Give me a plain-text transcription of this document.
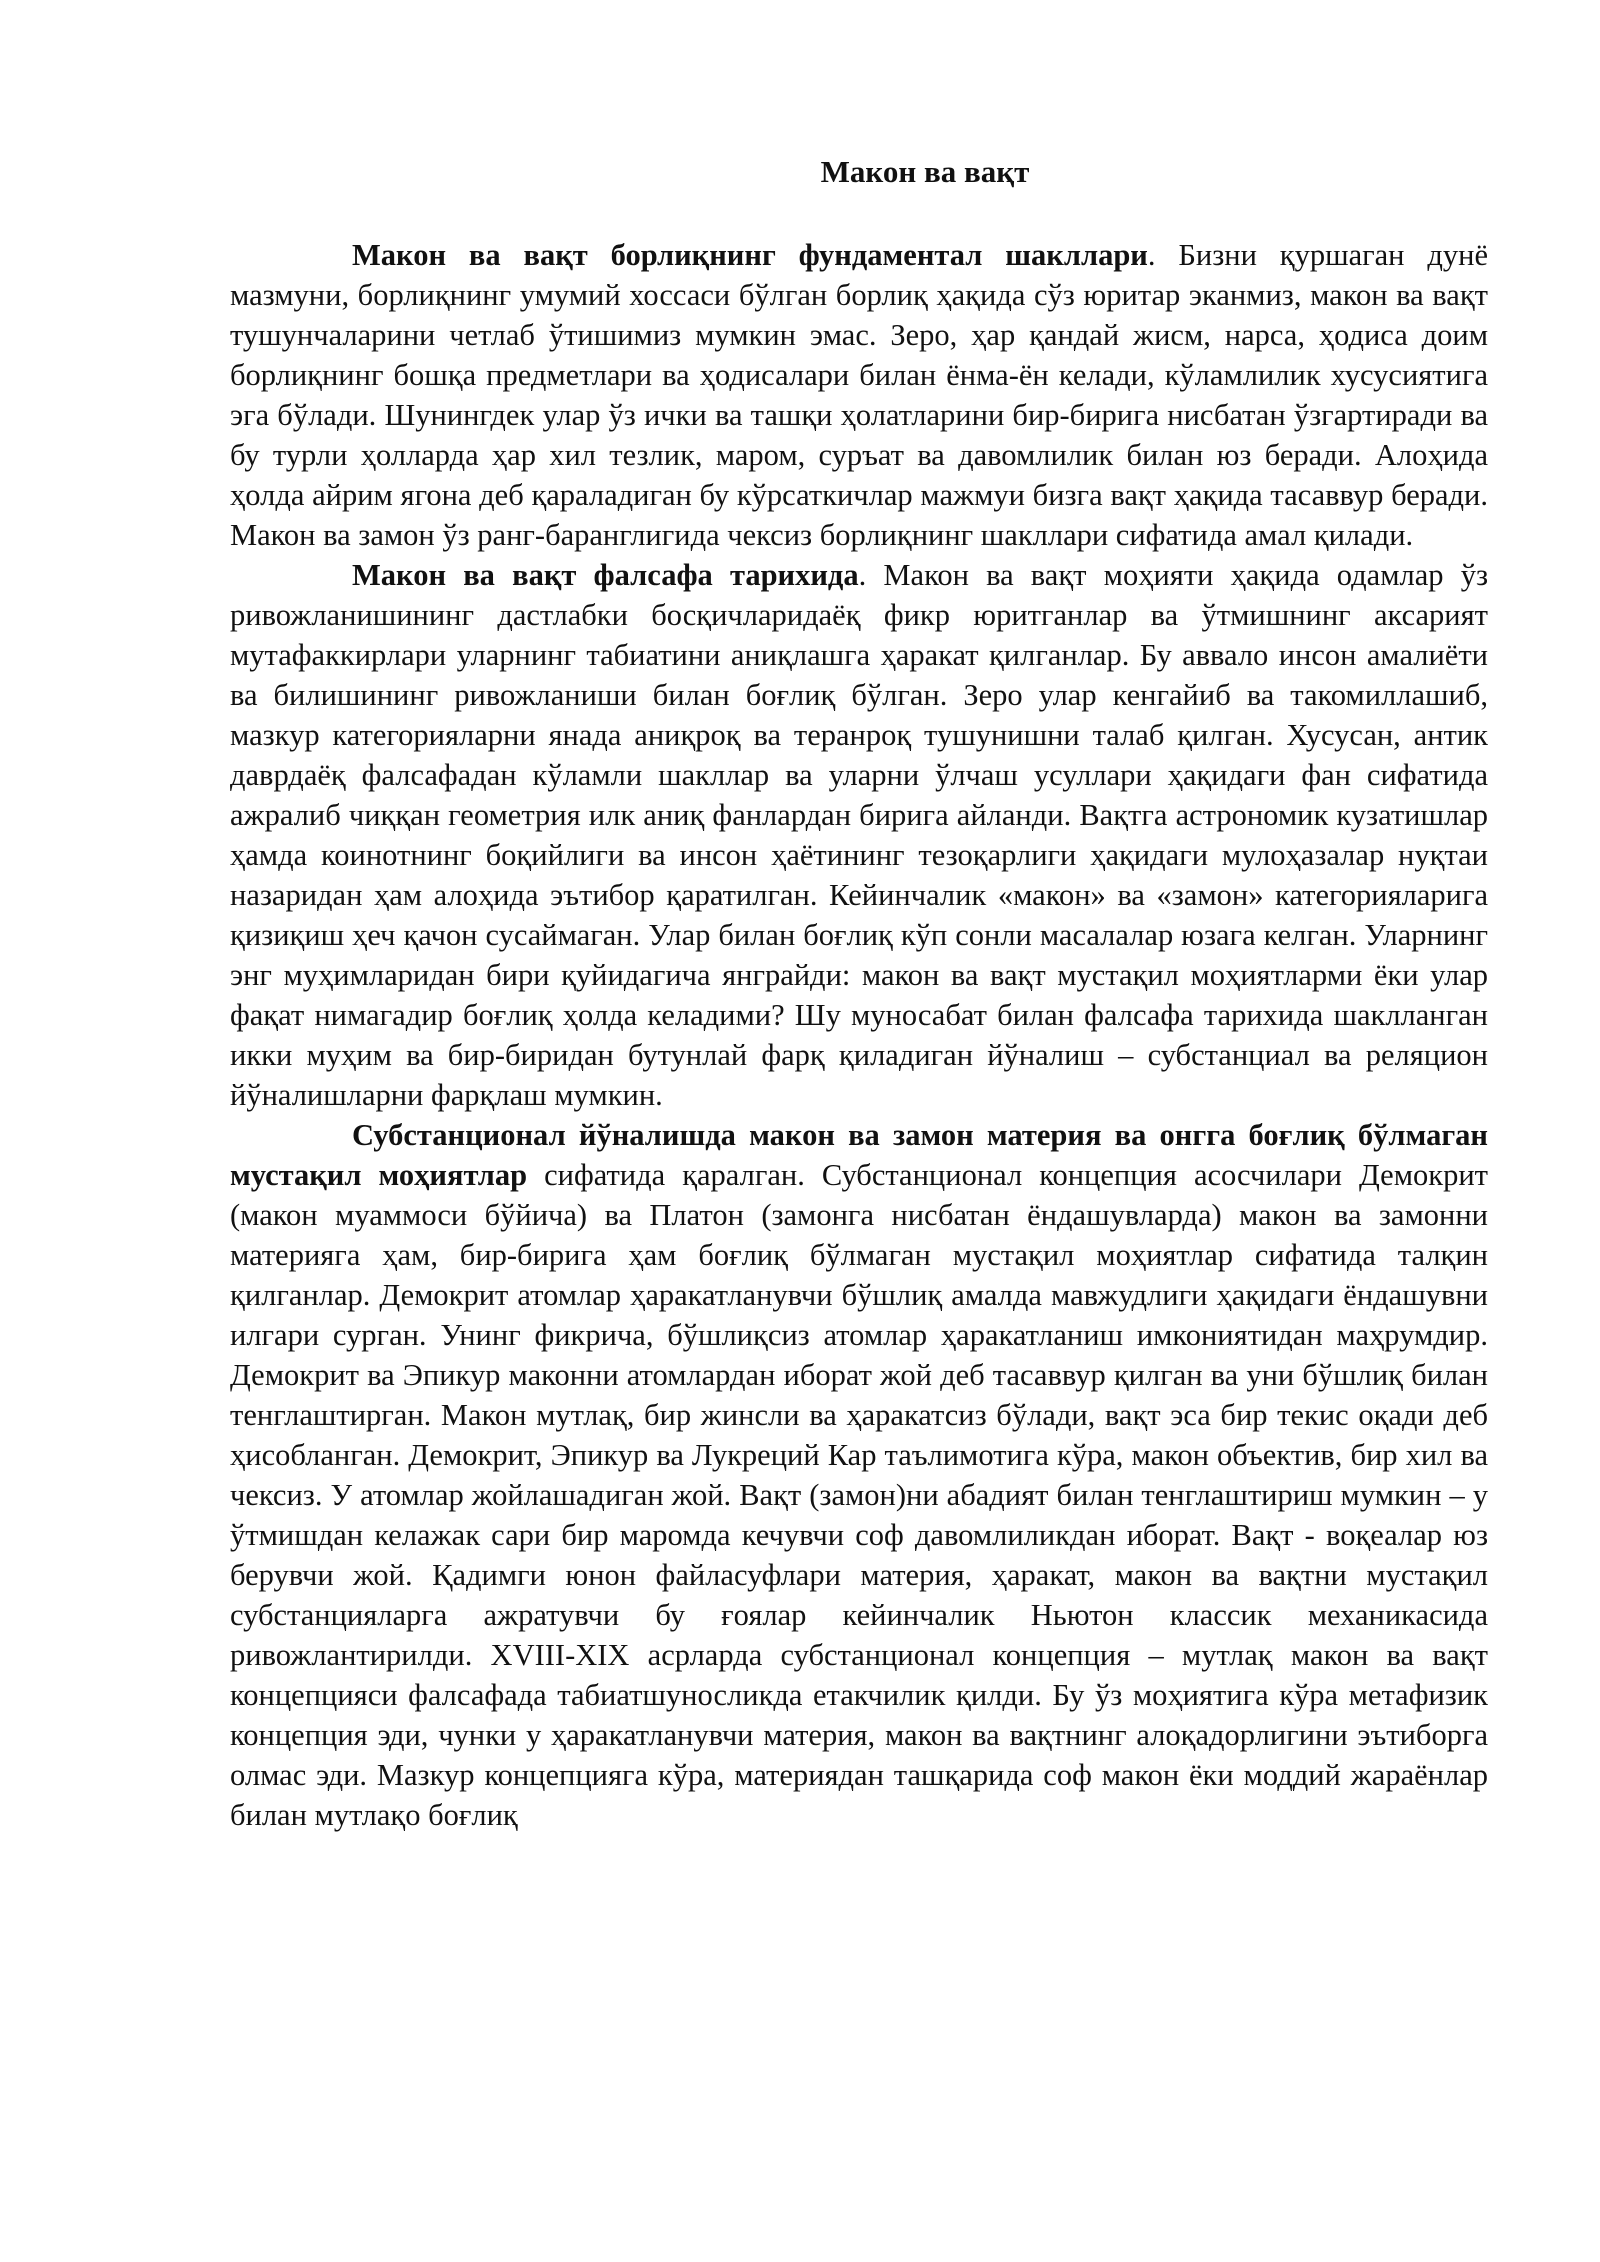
Макон ва вақт

Макон ва вақт борлиқнинг фундаментал шакллари. Бизни қуршаган дунё мазмуни, борлиқнинг умумий хоссаси бўлган борлиқ ҳақида сўз юритар эканмиз, макон ва вақт тушунчаларини четлаб ўтишимиз мумкин эмас. Зеро, ҳар қандай жисм, нарса, ҳодиса доим борлиқнинг бошқа предметлари ва ҳодисалари билан ёнма-ён келади, кўламлилик хусусиятига эга бўлади. Шунингдек улар ўз ички ва ташқи ҳолатларини бир-бирига нисбатан ўзгартиради ва бу турли ҳолларда ҳар хил тезлик, маром, суръат ва давомлилик билан юз беради. Алоҳида ҳолда айрим ягона деб қараладиган бу кўрсаткичлар мажмуи бизга вақт ҳақида тасаввур беради. Макон ва замон ўз ранг-баранглигида чексиз борлиқнинг шакллари сифатида амал қилади.

Макон ва вақт фалсафа тарихида. Макон ва вақт моҳияти ҳақида одамлар ўз ривожланишининг дастлабки босқичларидаёқ фикр юритганлар ва ўтмишнинг аксарият мутафаккирлари уларнинг табиатини аниқлашга ҳаракат қилганлар. Бу аввало инсон амалиёти ва билишининг ривожланиши билан боғлиқ бўлган. Зеро улар кенгайиб ва такомиллашиб, мазкур категорияларни янада аниқроқ ва теранроқ тушунишни талаб қилган. Хусусан, антик даврдаёқ фалсафадан кўламли шакллар ва уларни ўлчаш усуллари ҳақидаги фан сифатида ажралиб чиққан геометрия илк аниқ фанлардан бирига айланди. Вақтга астрономик кузатишлар ҳамда коинотнинг боқийлиги ва инсон ҳаётининг тезоқарлиги ҳақидаги мулоҳазалар нуқтаи назаридан ҳам алоҳида эътибор қаратилган. Кейинчалик «макон» ва «замон» категорияларига қизиқиш ҳеч қачон сусаймаган. Улар билан боғлиқ кўп сонли масалалар юзага келган. Уларнинг энг муҳимларидан бири қуйидагича янграйди: макон ва вақт мустақил моҳиятларми ёки улар фақат нимагадир боғлиқ ҳолда келадими? Шу муносабат билан фалсафа тарихида шаклланган икки муҳим ва бир-биридан бутунлай фарқ қиладиган йўналиш – субстанциал ва реляцион йўналишларни фарқлаш мумкин.

Субстанционал йўналишда макон ва замон материя ва онгга боғлиқ бўлмаган мустақил моҳиятлар сифатида қаралган. Субстанционал концепция асосчилари Демокрит (макон муаммоси бўйича) ва Платон (замонга нисбатан ёндашувларда) макон ва замонни материяга ҳам, бир-бирига ҳам боғлиқ бўлмаган мустақил моҳиятлар сифатида талқин қилганлар. Демокрит атомлар ҳаракатланувчи бўшлиқ амалда мавжудлиги ҳақидаги ёндашувни илгари сурган. Унинг фикрича, бўшлиқсиз атомлар ҳаракатланиш имкониятидан маҳрумдир. Демокрит ва Эпикур маконни атомлардан иборат жой деб тасаввур қилган ва уни бўшлиқ билан тенглаштирган. Макон мутлақ, бир жинсли ва ҳаракатсиз бўлади, вақт эса бир текис оқади деб ҳисобланган. Демокрит, Эпикур ва Лукреций Кар таълимотига кўра, макон объектив, бир хил ва чексиз. У атомлар жойлашадиган жой. Вақт (замон)ни абадият билан тенглаштириш мумкин – у ўтмишдан келажак сари бир маромда кечувчи соф давомлиликдан иборат. Вақт - воқеалар юз берувчи жой. Қадимги юнон файласуфлари материя, ҳаракат, макон ва вақтни мустақил субстанцияларга ажратувчи бу ғоялар кейинчалик Ньютон классик механикасида ривожлантирилди. XVIII-XIX асрларда субстанционал концепция – мутлақ макон ва вақт концепцияси фалсафада табиатшуносликда етакчилик қилди. Бу ўз моҳиятига кўра метафизик концепция эди, чунки у ҳаракатланувчи материя, макон ва вақтнинг алоқадорлигини эътиборга олмас эди. Мазкур концепцияга кўра, материядан ташқарида соф макон ёки моддий жараёнлар билан мутлақо боғлиқ
